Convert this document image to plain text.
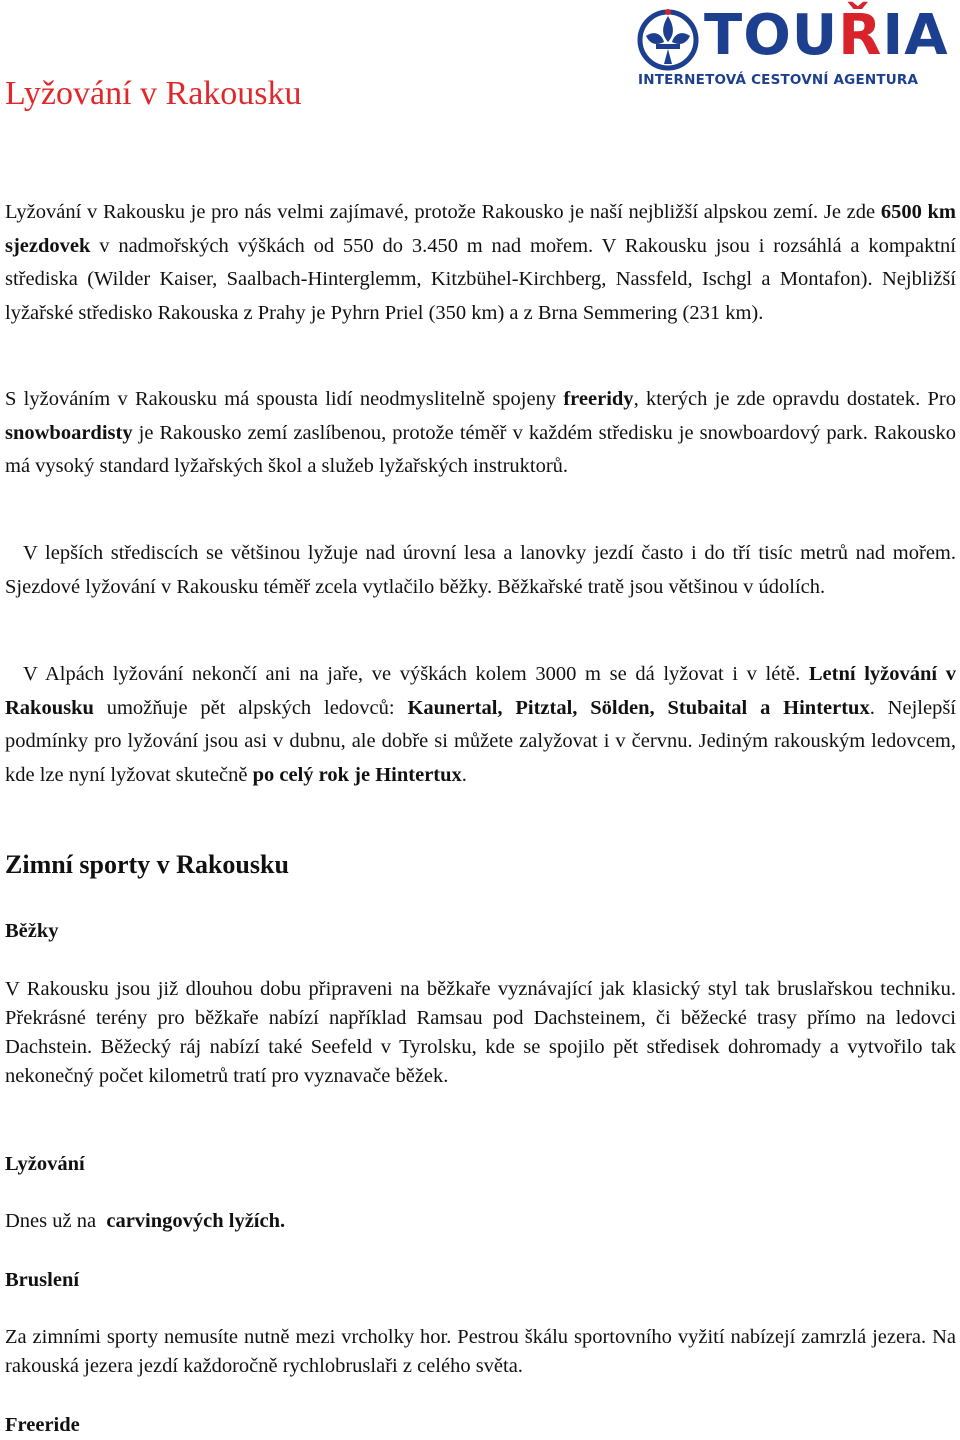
TOUŘIA
INTERNETOVÁ CESTOVNÍ AGENTURA
Lyžování v Rakousku

Lyžování v Rakousku je pro nás velmi zajímavé, protože Rakousko je naší nejbližší alpskou zemí. Je zde 6500 km sjezdovek v nadmořských výškách od 550 do 3.450 m nad mořem. V Rakousku jsou i rozsáhlá a kompaktní střediska (Wilder Kaiser, Saalbach-Hinterglemm, Kitzbühel-Kirchberg, Nassfeld, Ischgl a Montafon). Nejbližší lyžařské středisko Rakouska z Prahy je Pyhrn Priel (350 km) a z Brna Semmering (231 km).

S lyžováním v Rakousku má spousta lidí neodmyslitelně spojeny freeridy, kterých je zde opravdu dostatek. Pro snowboardisty je Rakousko zemí zaslíbenou, protože téměř v každém středisku je snowboardový park. Rakousko má vysoký standard lyžařských škol a služeb lyžařských instruktorů.

V lepších střediscích se většinou lyžuje nad úrovní lesa a lanovky jezdí často i do tří tisíc metrů nad mořem. Sjezdové lyžování v Rakousku téměř zcela vytlačilo běžky. Běžkařské tratě jsou většinou v údolích.

V Alpách lyžování nekončí ani na jaře, ve výškách kolem 3000 m se dá lyžovat i v létě. Letní lyžování v Rakousku umožňuje pět alpských ledovců: Kaunertal, Pitztal, Sölden, Stubaital a Hintertux. Nejlepší podmínky pro lyžování jsou asi v dubnu, ale dobře si můžete zalyžovat i v červnu. Jediným rakouským ledovcem, kde lze nyní lyžovat skutečně po celý rok je Hintertux.

Zimní sporty v Rakousku
Běžky

V Rakousku jsou již dlouhou dobu připraveni na běžkaře vyznávající jak klasický styl tak bruslařskou techniku. Překrásné terény pro běžkaře nabízí například Ramsau pod Dachsteinem, či běžecké trasy přímo na ledovci Dachstein. Běžecký ráj nabízí také Seefeld v Tyrolsku, kde se spojilo pět středisek dohromady a vytvořilo tak nekonečný počet kilometrů tratí pro vyznavače běžek.

Lyžování

Dnes už na  carvingových lyžích.

Bruslení

Za zimními sporty nemusíte nutně mezi vrcholky hor. Pestrou škálu sportovního vyžití nabízejí zamrzlá jezera. Na rakouská jezera jezdí každoročně rychlobruslaři z celého světa.

Freeride
